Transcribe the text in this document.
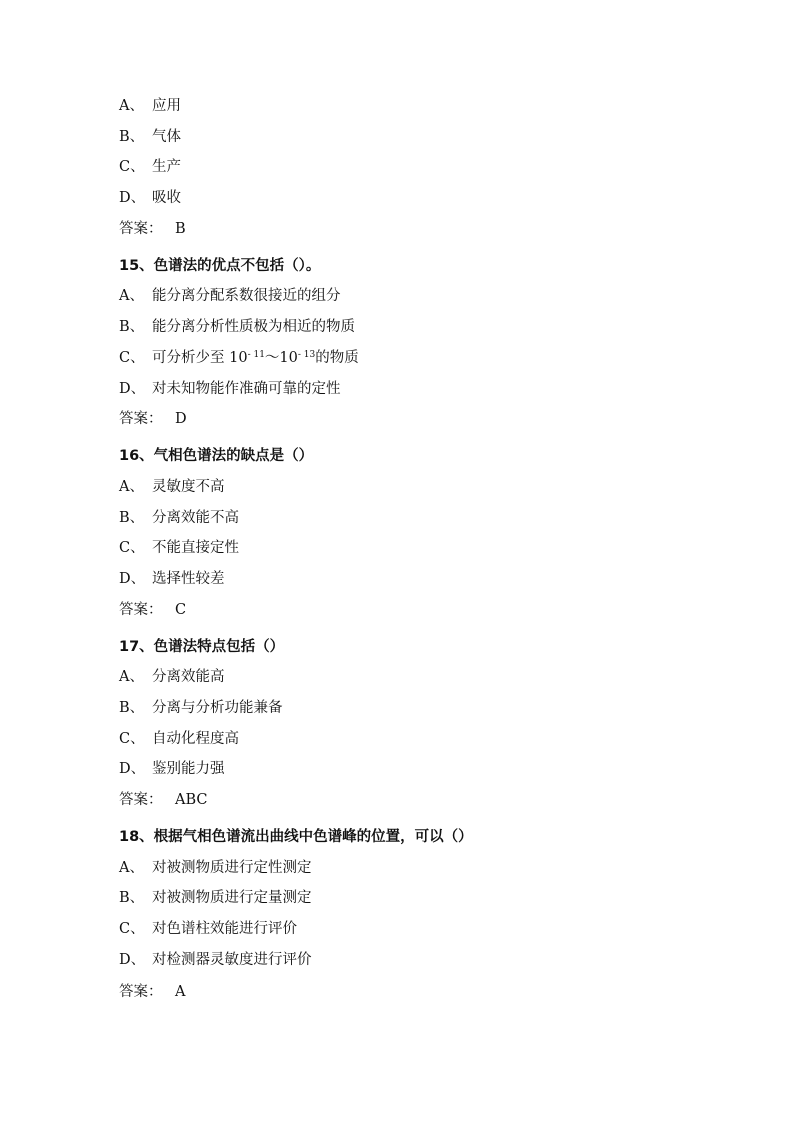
A、 应用
B、 气体
C、 生产
D、 吸收
答案： B
15、色谱法的优点不包括（）。
A、 能分离分配系数很接近的组分
B、 能分离分析性质极为相近的物质
C、 可分析少至 $10^{- 11}\sim 10^{- 13}$的物质
D、 对未知物能作准确可靠的定性
答案： D
16、气相色谱法的缺点是（）
A、 灵敏度不高
B、 分离效能不高
C、 不能直接定性
D、 选择性较差
答案： C
17、色谱法特点包括（）
A、 分离效能高
B、 分离与分析功能兼备
C、 自动化程度高
D、 鉴别能力强
答案： ABC
18、根据气相色谱流出曲线中色谱峰的位置，可以（）
A、 对被测物质进行定性测定
B、 对被测物质进行定量测定
C、 对色谱柱效能进行评价
D、 对检测器灵敏度进行评价
答案： A
